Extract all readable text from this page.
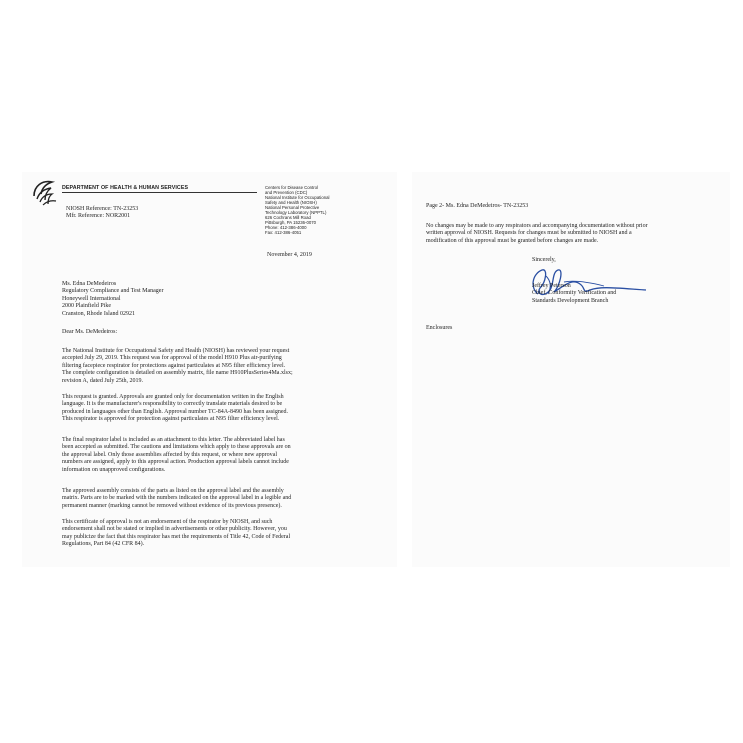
DEPARTMENT OF HEALTH & HUMAN SERVICES	Centers for Disease Control
and Prevention (CDC)
National Institute for Occupational
Safety and Health (NIOSH)
National Personal Protective
Technology Laboratory (NPPTL)
626 Cochrans Mill Road
Pittsburgh, PA 15236-0070
Phone: 412-386-4000
Fax: 412-386-4051
NIOSH Reference: TN-23253
Mfr. Reference: NOR2001
November 4, 2019
Ms. Edna DeMedeiros
Regulatory Compliance and Test Manager
Honeywell International
2000 Plainfield Pike
Cranston, Rhode Island 02921
Dear Ms. DeMedeiros:
The National Institute for Occupational Safety and Health (NIOSH) has reviewed your request
accepted July 29, 2019. This request was for approval of the model H910 Plus air-purifying
filtering facepiece respirator for protections against particulates at N95 filter efficiency level.
The complete configuration is detailed on assembly matrix, file name H910PlusSeries4Ma.xlsx;
revision A, dated July 25th, 2019.
This request is granted. Approvals are granted only for documentation written in the English
language. It is the manufacturer's responsibility to correctly translate materials desired to be
produced in languages other than English. Approval number TC-84A-8490 has been assigned.
This respirator is approved for protection against particulates at N95 filter efficiency level.
The final respirator label is included as an attachment to this letter. The abbreviated label has
been accepted as submitted. The cautions and limitations which apply to these approvals are on
the approval label. Only those assemblies affected by this request, or where new approval
numbers are assigned, apply to this approval action. Production approval labels cannot include
information on unapproved configurations.
The approved assembly consists of the parts as listed on the approval label and the assembly
matrix. Parts are to be marked with the numbers indicated on the approval label in a legible and
permanent manner (marking cannot be removed without evidence of its previous presence).
This certificate of approval is not an endorsement of the respirator by NIOSH, and such
endorsement shall not be stated or implied in advertisements or other publicity. However, you
may publicize the fact that this respirator has met the requirements of Title 42, Code of Federal
Regulations, Part 84 (42 CFR 84).
Page 2- Ms. Edna DeMedeiros- TN-23253
No changes may be made to any respirators and accompanying documentation without prior
written approval of NIOSH. Requests for changes must be submitted to NIOSH and a
modification of this approval must be granted before changes are made.
Sincerely,
Jeffrey Peterson
Chief, Conformity Verification and
Standards Development Branch
Enclosures
